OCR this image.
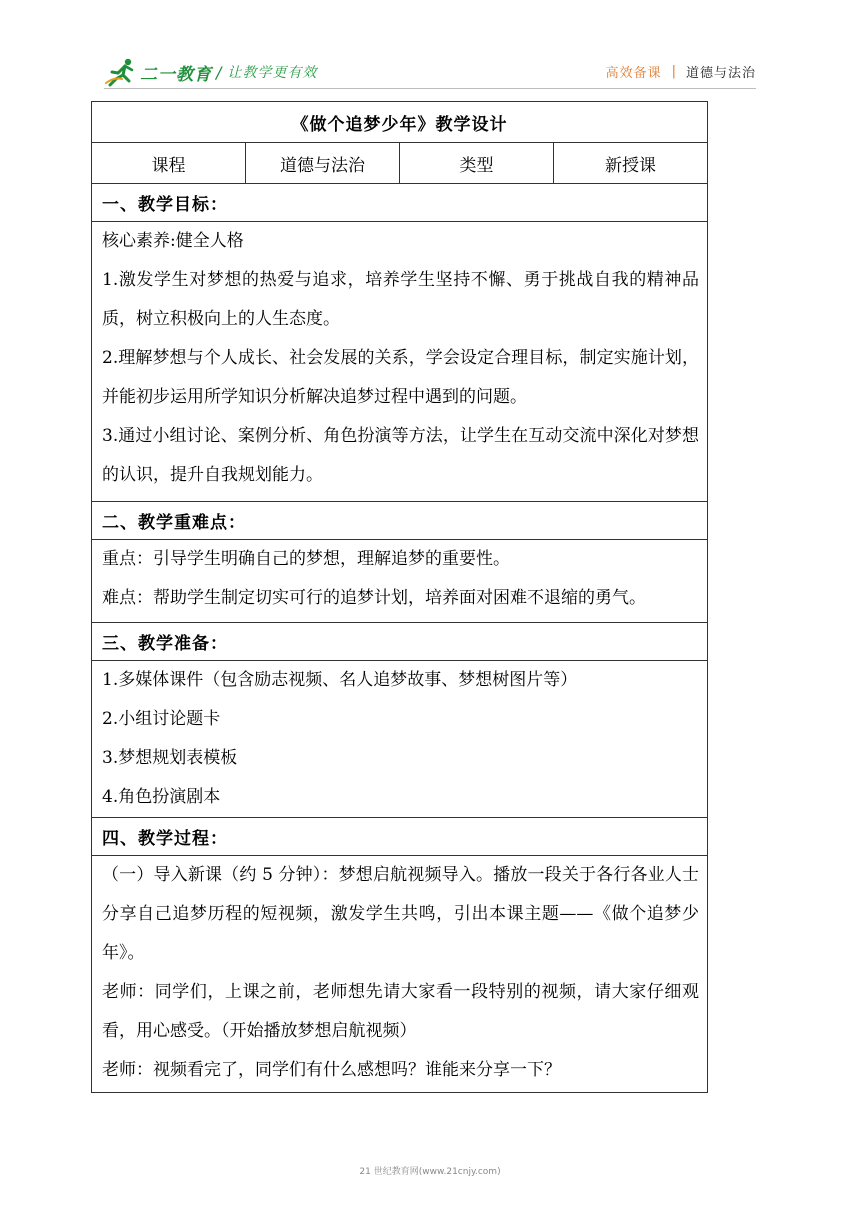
二一教育 / 让教学更有效	高效备课 | 道德与法治
《做个追梦少年》教学设计
课程	道德与法治	类型	新授课
一、教学目标：

核心素养:健全人格

1.激发学生对梦想的热爱与追求，培养学生坚持不懈、勇于挑战自我的精神品质，树立积极向上的人生态度。

2.理解梦想与个人成长、社会发展的关系，学会设定合理目标，制定实施计划，并能初步运用所学知识分析解决追梦过程中遇到的问题。

3.通过小组讨论、案例分析、角色扮演等方法，让学生在互动交流中深化对梦想的认识，提升自我规划能力。

二、教学重难点：

重点：引导学生明确自己的梦想，理解追梦的重要性。

难点：帮助学生制定切实可行的追梦计划，培养面对困难不退缩的勇气。

三、教学准备：

1.多媒体课件（包含励志视频、名人追梦故事、梦想树图片等）

2.小组讨论题卡

3.梦想规划表模板

4.角色扮演剧本

四、教学过程：

（一）导入新课（约 5 分钟）：梦想启航视频导入。播放一段关于各行各业人士分享自己追梦历程的短视频，激发学生共鸣，引出本课主题——《做个追梦少年》。

老师：同学们，上课之前，老师想先请大家看一段特别的视频，请大家仔细观看，用心感受。（开始播放梦想启航视频）

老师：视频看完了，同学们有什么感想吗？谁能来分享一下？

21 世纪教育网(www.21cnjy.com)
